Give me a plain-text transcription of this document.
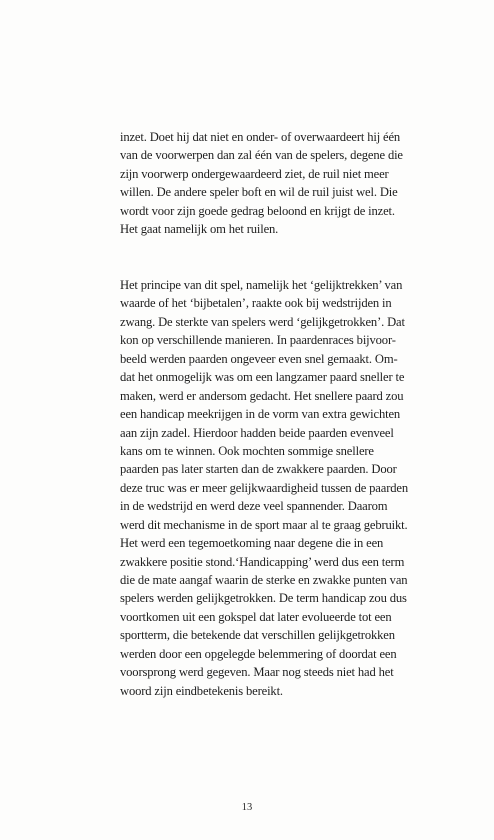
inzet. Doet hij dat niet en onder- of overwaardeert hij één
van de voorwerpen dan zal één van de spelers, degene die
zijn voorwerp ondergewaardeerd ziet, de ruil niet meer
willen. De andere speler boft en wil de ruil juist wel. Die
wordt voor zijn goede gedrag beloond en krijgt de inzet.
Het gaat namelijk om het ruilen.
Het principe van dit spel, namelijk het ‘gelijktrekken’ van
waarde of het ‘bijbetalen’, raakte ook bij wedstrijden in
zwang. De sterkte van spelers werd ‘gelijkgetrokken’. Dat
kon op verschillende manieren. In paardenraces bijvoor-
beeld werden paarden ongeveer even snel gemaakt. Om-
dat het onmogelijk was om een langzamer paard sneller te
maken, werd er andersom gedacht. Het snellere paard zou
een handicap meekrijgen in de vorm van extra gewichten
aan zijn zadel. Hierdoor hadden beide paarden evenveel
kans om te winnen. Ook mochten sommige snellere
paarden pas later starten dan de zwakkere paarden. Door
deze truc was er meer gelijkwaardigheid tussen de paarden
in de wedstrijd en werd deze veel spannender. Daarom
werd dit mechanisme in de sport maar al te graag gebruikt.
Het werd een tegemoetkoming naar degene die in een
zwakkere positie stond.‘Handicapping’ werd dus een term
die de mate aangaf waarin de sterke en zwakke punten van
spelers werden gelijkgetrokken. De term handicap zou dus
voortkomen uit een gokspel dat later evolueerde tot een
sportterm, die betekende dat verschillen gelijkgetrokken
werden door een opgelegde belemmering of doordat een
voorsprong werd gegeven. Maar nog steeds niet had het
woord zijn eindbetekenis bereikt.
13
